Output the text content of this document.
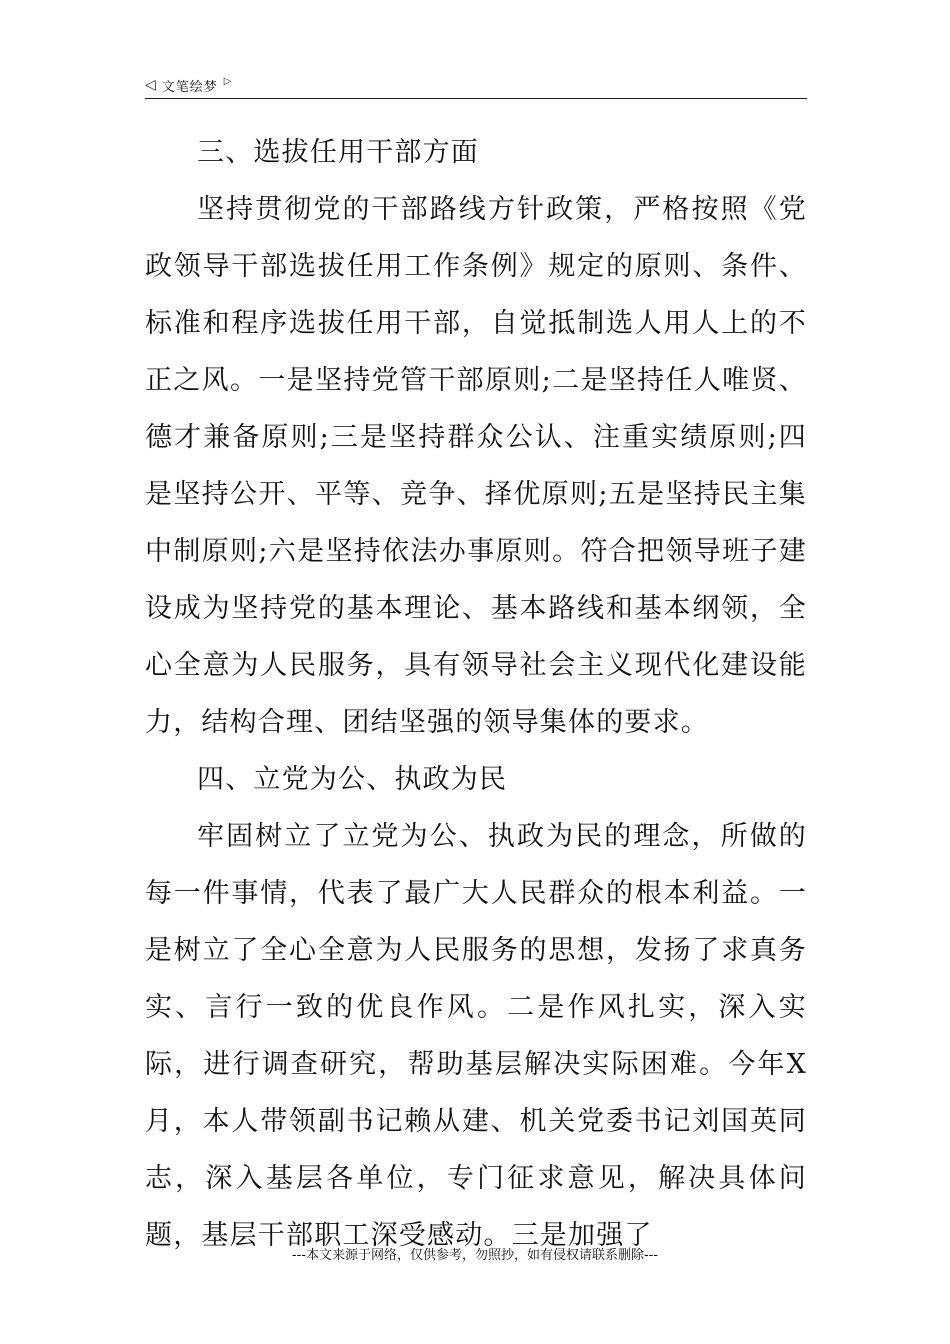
◁ 文笔绘梦 ▷

三、选拔任用干部方面

坚持贯彻党的干部路线方针政策，严格按照《党政领导干部选拔任用工作条例》规定的原则、条件、标准和程序选拔任用干部，自觉抵制选人用人上的不正之风。一是坚持党管干部原则;二是坚持任人唯贤、德才兼备原则;三是坚持群众公认、注重实绩原则;四是坚持公开、平等、竞争、择优原则;五是坚持民主集中制原则;六是坚持依法办事原则。符合把领导班子建设成为坚持党的基本理论、基本路线和基本纲领，全心全意为人民服务，具有领导社会主义现代化建设能力，结构合理、团结坚强的领导集体的要求。

四、立党为公、执政为民

牢固树立了立党为公、执政为民的理念，所做的每一件事情，代表了最广大人民群众的根本利益。一是树立了全心全意为人民服务的思想，发扬了求真务实、言行一致的优良作风。二是作风扎实，深入实际，进行调查研究，帮助基层解决实际困难。今年X月，本人带领副书记赖从建、机关党委书记刘国英同志，深入基层各单位，专门征求意见，解决具体问题，基层干部职工深受感动。三是加强了

---本文来源于网络，仅供参考，勿照抄，如有侵权请联系删除---
